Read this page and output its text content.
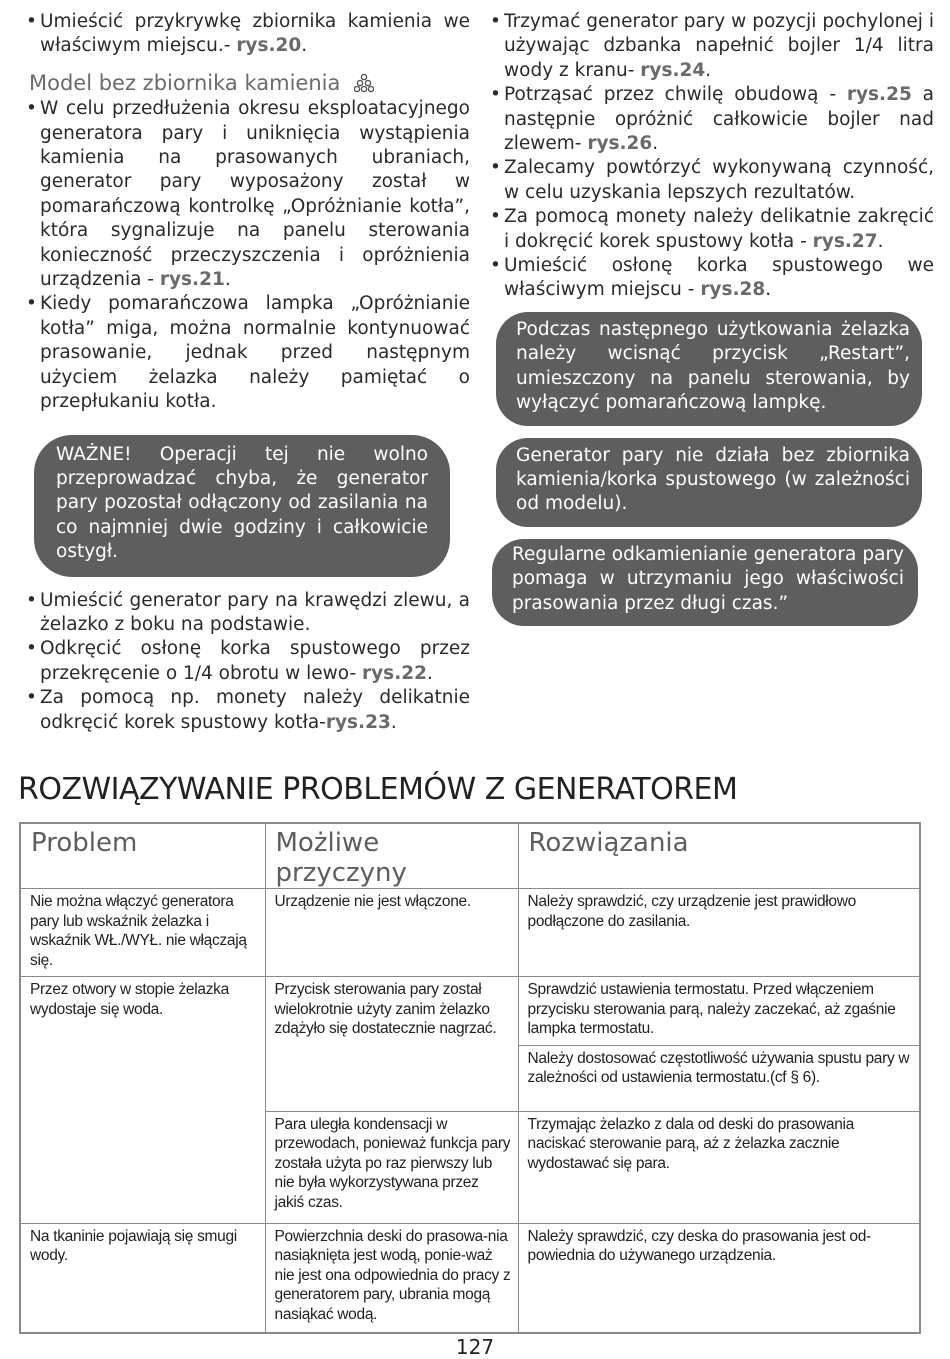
• Umieścić przykrywkę zbiornika kamienia we właściwym miejscu.- rys.20.
Model bez zbiornika kamienia
• W celu przedłużenia okresu eksploatacyjnego generatora pary i uniknięcia wystąpienia kamienia na prasowanych ubraniach, generator pary wyposażony został w pomarańczową kontrolkę „Opróżnianie kotła”, która sygnalizuje na panelu sterowania konieczność przeczyszczenia i opróżnienia urządzenia - rys.21.
• Kiedy pomarańczowa lampka „Opróżnianie kotła” miga, można normalnie kontynuować prasowanie, jednak przed następnym użyciem żelazka należy pamiętać o przepłukaniu kotła.
WAŻNE! Operacji tej nie wolno przeprowadzać chyba, że generator pary pozostał odłączony od zasilania na co najmniej dwie godziny i całkowicie ostygł.
• Umieścić generator pary na krawędzi zlewu, a żelazko z boku na podstawie.
• Odkręcić osłonę korka spustowego przez przekręcenie o 1/4 obrotu w lewo- rys.22.
• Za pomocą np. monety należy delikatnie odkręcić korek spustowy kotła-rys.23.
• Trzymać generator pary w pozycji pochylonej i używając dzbanka napełnić bojler 1/4 litra wody z kranu- rys.24.
• Potrząsać przez chwilę obudową - rys.25 a następnie opróżnić całkowicie bojler nad zlewem- rys.26.
• Zalecamy powtórzyć wykonywaną czynność, w celu uzyskania lepszych rezultatów.
• Za pomocą monety należy delikatnie zakręcić i dokręcić korek spustowy kotła - rys.27.
• Umieścić osłonę korka spustowego we właściwym miejscu - rys.28.
Podczas następnego użytkowania żelazka należy wcisnąć przycisk „Restart”, umieszczony na panelu sterowania, by wyłączyć pomarańczową lampkę.
Generator pary nie działa bez zbiornika kamienia/korka spustowego (w zależności od modelu).
Regularne odkamienianie generatora pary pomaga w utrzymaniu jego właściwości prasowania przez długi czas.”
ROZWIĄZYWANIE PROBLEMÓW Z GENERATOREM
Problem	Możliwe przyczyny	Rozwiązania
Nie można włączyć generatora pary lub wskaźnik żelazka i wskaźnik WŁ./WYŁ. nie włączają się.	Urządzenie nie jest włączone.	Należy sprawdzić, czy urządzenie jest prawidłowo podłączone do zasilania.
Przez otwory w stopie żelazka wydostaje się woda.	Przycisk sterowania pary został wielokrotnie użyty zanim żelazko zdążyło się dostatecznie nagrzać.	Sprawdzić ustawienia termostatu. Przed włączeniem przycisku sterowania parą, należy zaczekać, aż zgaśnie lampka termostatu.
		Należy dostosować częstotliwość używania spustu pary w zależności od ustawienia termostatu.(cf § 6).
	Para uległa kondensacji w przewodach, ponieważ funkcja pary została użyta po raz pierwszy lub nie była wykorzystywana przez jakiś czas.	Trzymając żelazko z dala od deski do prasowania naciskać sterowanie parą, aż z żelazka zacznie wydostawać się para.
Na tkaninie pojawiają się smugi wody.	Powierzchnia deski do prasowa-nia nasiąknięta jest wodą, ponie-waż nie jest ona odpowiednia do pracy z generatorem pary, ubrania mogą nasiąkać wodą.	Należy sprawdzić, czy deska do prasowania jest od-powiednia do używanego urządzenia.
127
